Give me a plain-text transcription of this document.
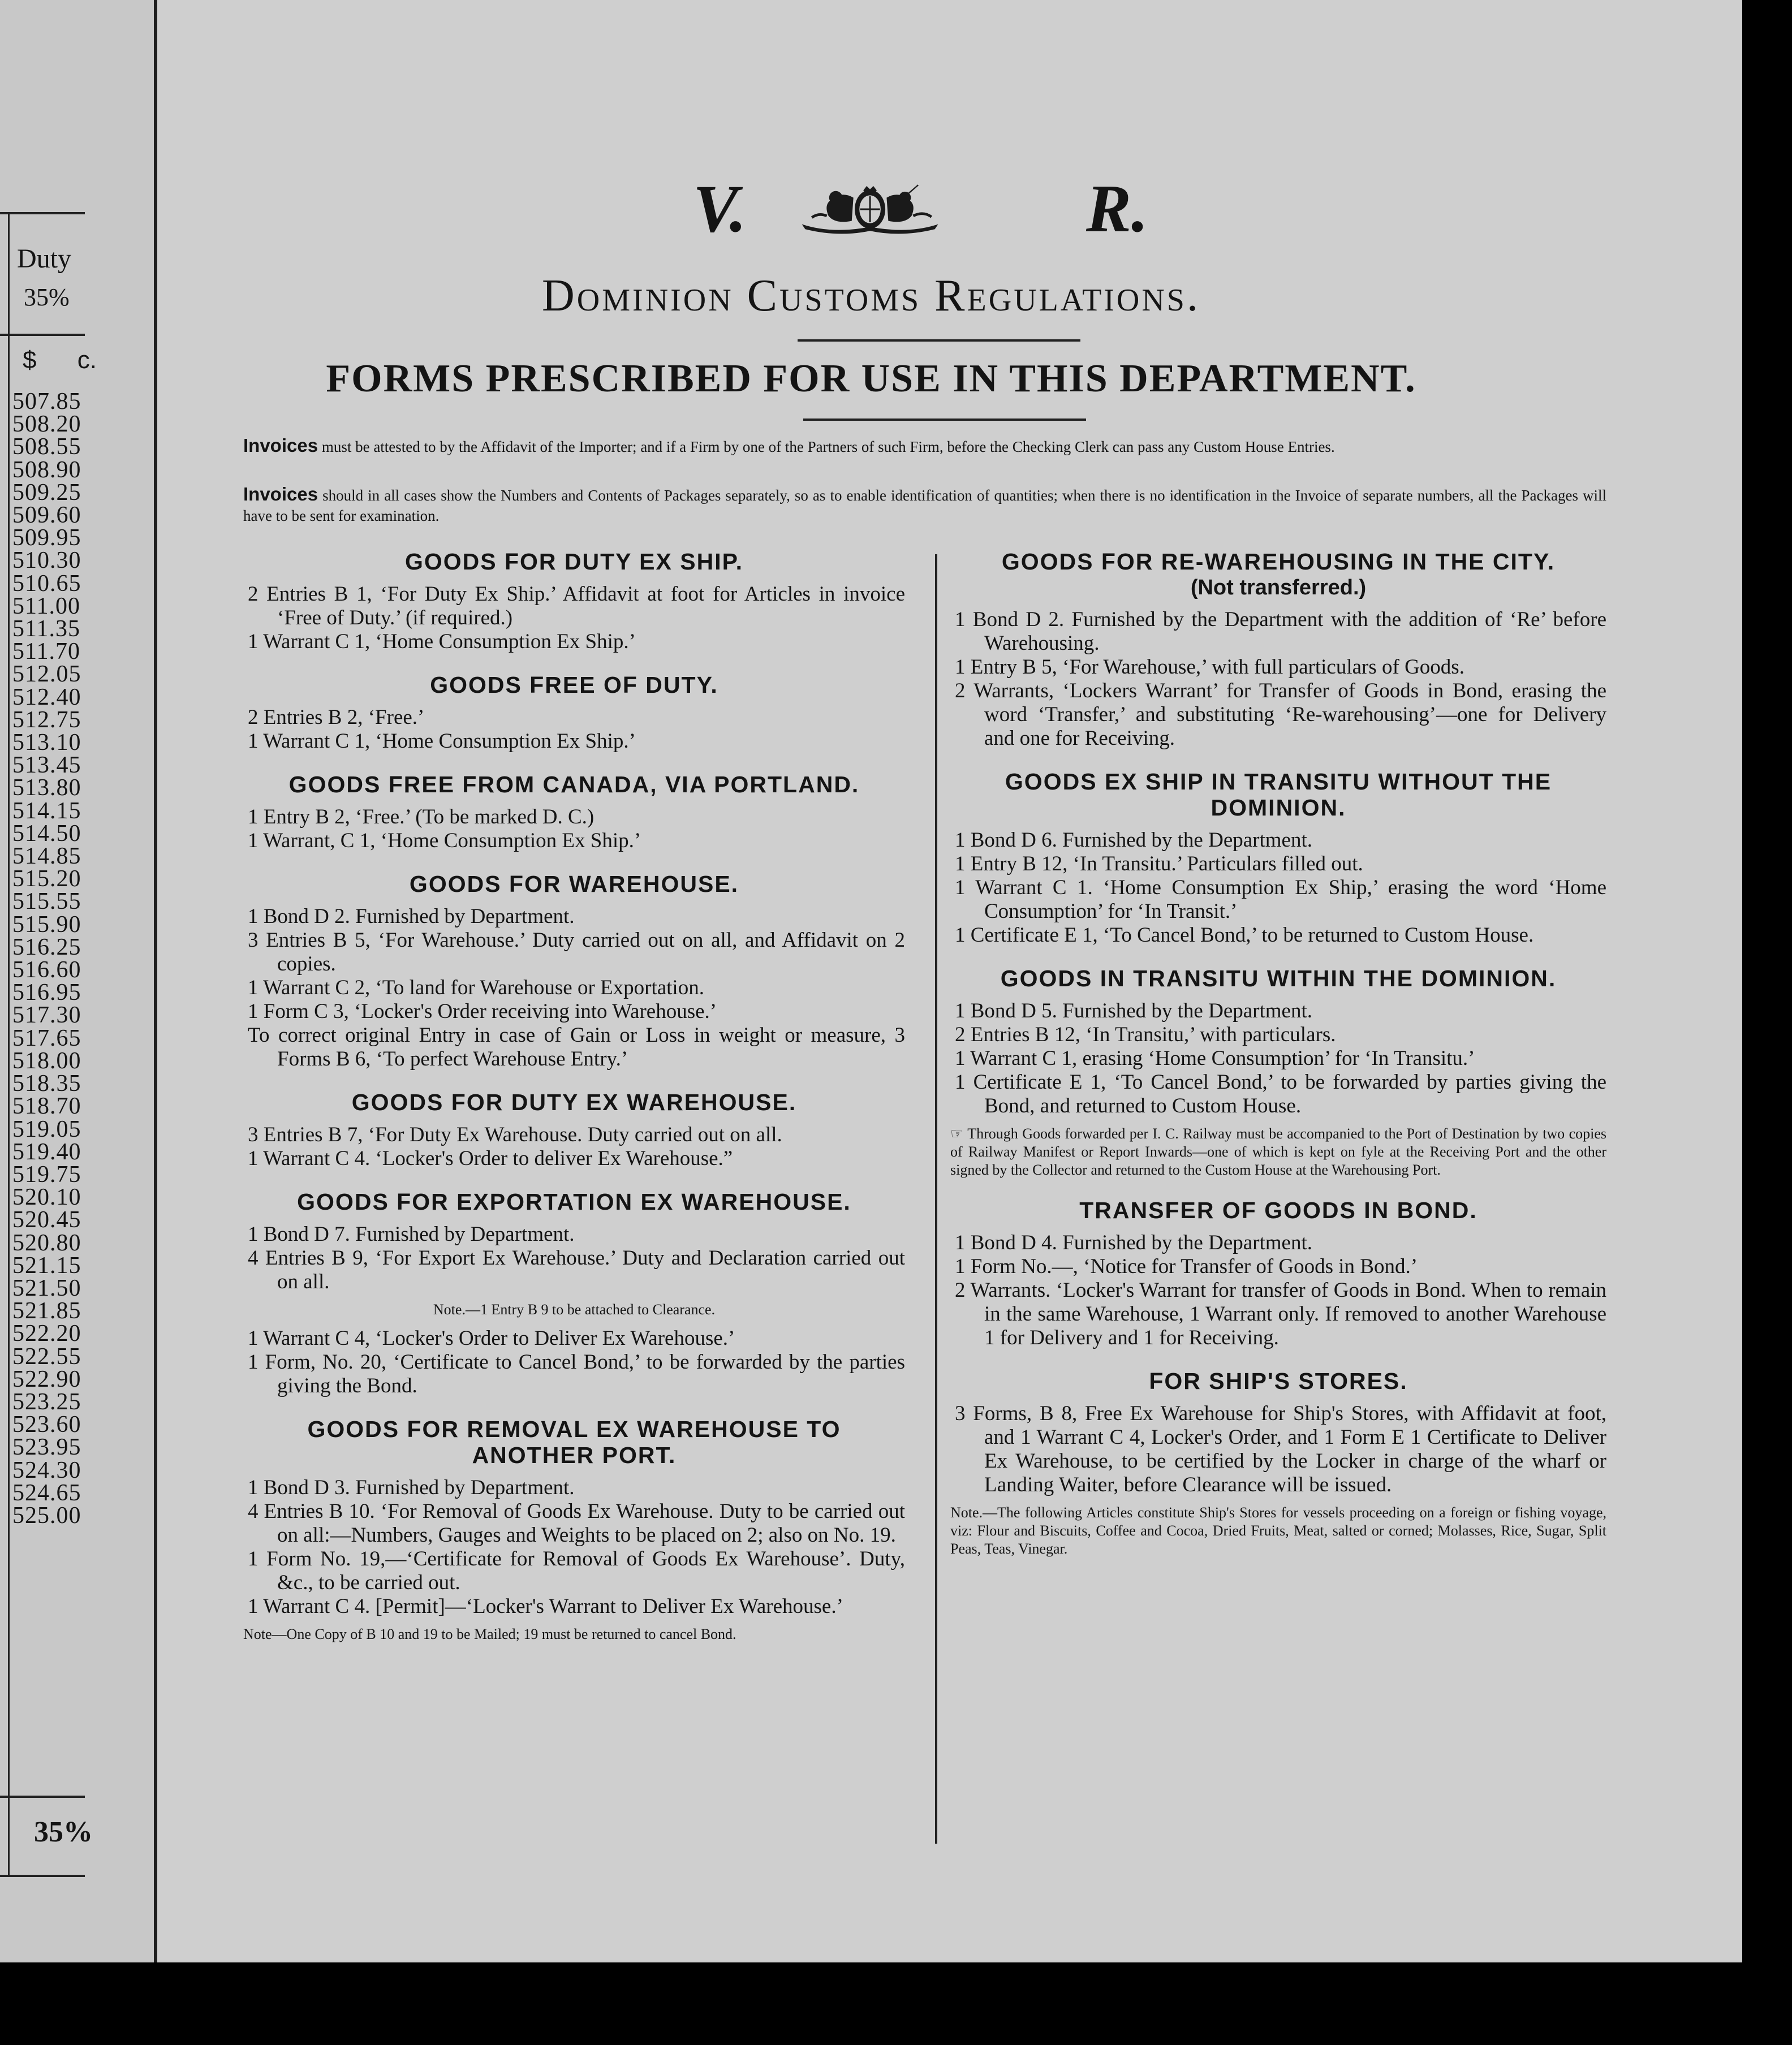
Duty
35%
$ c.
507.85
508.20
508.55
508.90
509.25
509.60
509.95
510.30
510.65
511.00
511.35
511.70
512.05
512.40
512.75
513.10
513.45
513.80
514.15
514.50
514.85
515.20
515.55
515.90
516.25
516.60
516.95
517.30
517.65
518.00
518.35
518.70
519.05
519.40
519.75
520.10
520.45
520.80
521.15
521.50
521.85
522.20
522.55
522.90
523.25
523.60
523.95
524.30
524.65
525.00
35%
V.	R.
Dominion Customs Regulations.
FORMS PRESCRIBED FOR USE IN THIS DEPARTMENT.
Invoices must be attested to by the Affidavit of the Importer; and if a Firm by one of the Partners of such Firm, before the Checking Clerk can pass any Custom House Entries.
Invoices should in all cases show the Numbers and Contents of Packages separately, so as to enable identification of quantities; when there is no identification in the Invoice of separate numbers, all the Packages will have to be sent for examination.
GOODS FOR DUTY EX SHIP.
2 Entries B 1, ‘For Duty Ex Ship.’ Affidavit at foot for Articles in invoice ‘Free of Duty.’ (if required.)
1 Warrant C 1, ‘Home Consumption Ex Ship.’
GOODS FREE OF DUTY.
2 Entries B 2, ‘Free.’
1 Warrant C 1, ‘Home Consumption Ex Ship.’
GOODS FREE FROM CANADA, VIA PORTLAND.
1 Entry B 2, ‘Free.’ (To be marked D. C.)
1 Warrant, C 1, ‘Home Consumption Ex Ship.’
GOODS FOR WAREHOUSE.
1 Bond D 2. Furnished by Department.
3 Entries B 5, ‘For Warehouse.’ Duty carried out on all, and Affidavit on 2 copies.
1 Warrant C 2, ‘To land for Warehouse or Exportation.
1 Form C 3, ‘Locker's Order receiving into Warehouse.’
To correct original Entry in case of Gain or Loss in weight or measure, 3 Forms B 6, ‘To perfect Warehouse Entry.’
GOODS FOR DUTY EX WAREHOUSE.
3 Entries B 7, ‘For Duty Ex Warehouse. Duty carried out on all.
1 Warrant C 4. ‘Locker's Order to deliver Ex Warehouse.”
GOODS FOR EXPORTATION EX WAREHOUSE.
1 Bond D 7. Furnished by Department.
4 Entries B 9, ‘For Export Ex Warehouse.’ Duty and Declaration carried out on all.
Note.—1 Entry B 9 to be attached to Clearance.
1 Warrant C 4, ‘Locker's Order to Deliver Ex Warehouse.’
1 Form, No. 20, ‘Certificate to Cancel Bond,’ to be forwarded by the parties giving the Bond.
GOODS FOR REMOVAL EX WAREHOUSE TO ANOTHER PORT.
1 Bond D 3. Furnished by Department.
4 Entries B 10. ‘For Removal of Goods Ex Warehouse. Duty to be carried out on all:—Numbers, Gauges and Weights to be placed on 2; also on No. 19.
1 Form No. 19,—‘Certificate for Removal of Goods Ex Warehouse’. Duty, &c., to be carried out.
1 Warrant C 4. [Permit]—‘Locker's Warrant to Deliver Ex Warehouse.’
Note—One Copy of B 10 and 19 to be Mailed; 19 must be returned to cancel Bond.
GOODS FOR RE-WAREHOUSING IN THE CITY.
(Not transferred.)
1 Bond D 2. Furnished by the Department with the addition of ‘Re’ before Warehousing.
1 Entry B 5, ‘For Warehouse,’ with full particulars of Goods.
2 Warrants, ‘Lockers Warrant’ for Transfer of Goods in Bond, erasing the word ‘Transfer,’ and substituting ‘Re-warehousing’—one for Delivery and one for Receiving.
GOODS EX SHIP IN TRANSITU WITHOUT THE DOMINION.
1 Bond D 6. Furnished by the Department.
1 Entry B 12, ‘In Transitu.’ Particulars filled out.
1 Warrant C 1. ‘Home Consumption Ex Ship,’ erasing the word ‘Home Consumption’ for ‘In Transit.’
1 Certificate E 1, ‘To Cancel Bond,’ to be returned to Custom House.
GOODS IN TRANSITU WITHIN THE DOMINION.
1 Bond D 5. Furnished by the Department.
2 Entries B 12, ‘In Transitu,’ with particulars.
1 Warrant C 1, erasing ‘Home Consumption’ for ‘In Transitu.’
1 Certificate E 1, ‘To Cancel Bond,’ to be forwarded by parties giving the Bond, and returned to Custom House.
☞ Through Goods forwarded per I. C. Railway must be accompanied to the Port of Destination by two copies of Railway Manifest or Report Inwards—one of which is kept on fyle at the Receiving Port and the other signed by the Collector and returned to the Custom House at the Warehousing Port.
TRANSFER OF GOODS IN BOND.
1 Bond D 4. Furnished by the Department.
1 Form No.—, ‘Notice for Transfer of Goods in Bond.’
2 Warrants. ‘Locker's Warrant for transfer of Goods in Bond. When to remain in the same Warehouse, 1 Warrant only. If removed to another Warehouse 1 for Delivery and 1 for Receiving.
FOR SHIP'S STORES.
3 Forms, B 8, Free Ex Warehouse for Ship's Stores, with Affidavit at foot, and 1 Warrant C 4, Locker's Order, and 1 Form E 1 Certificate to Deliver Ex Warehouse, to be certified by the Locker in charge of the wharf or Landing Waiter, before Clearance will be issued.
Note.—The following Articles constitute Ship's Stores for vessels proceeding on a foreign or fishing voyage, viz: Flour and Biscuits, Coffee and Cocoa, Dried Fruits, Meat, salted or corned; Molasses, Rice, Sugar, Split Peas, Teas, Vinegar.
